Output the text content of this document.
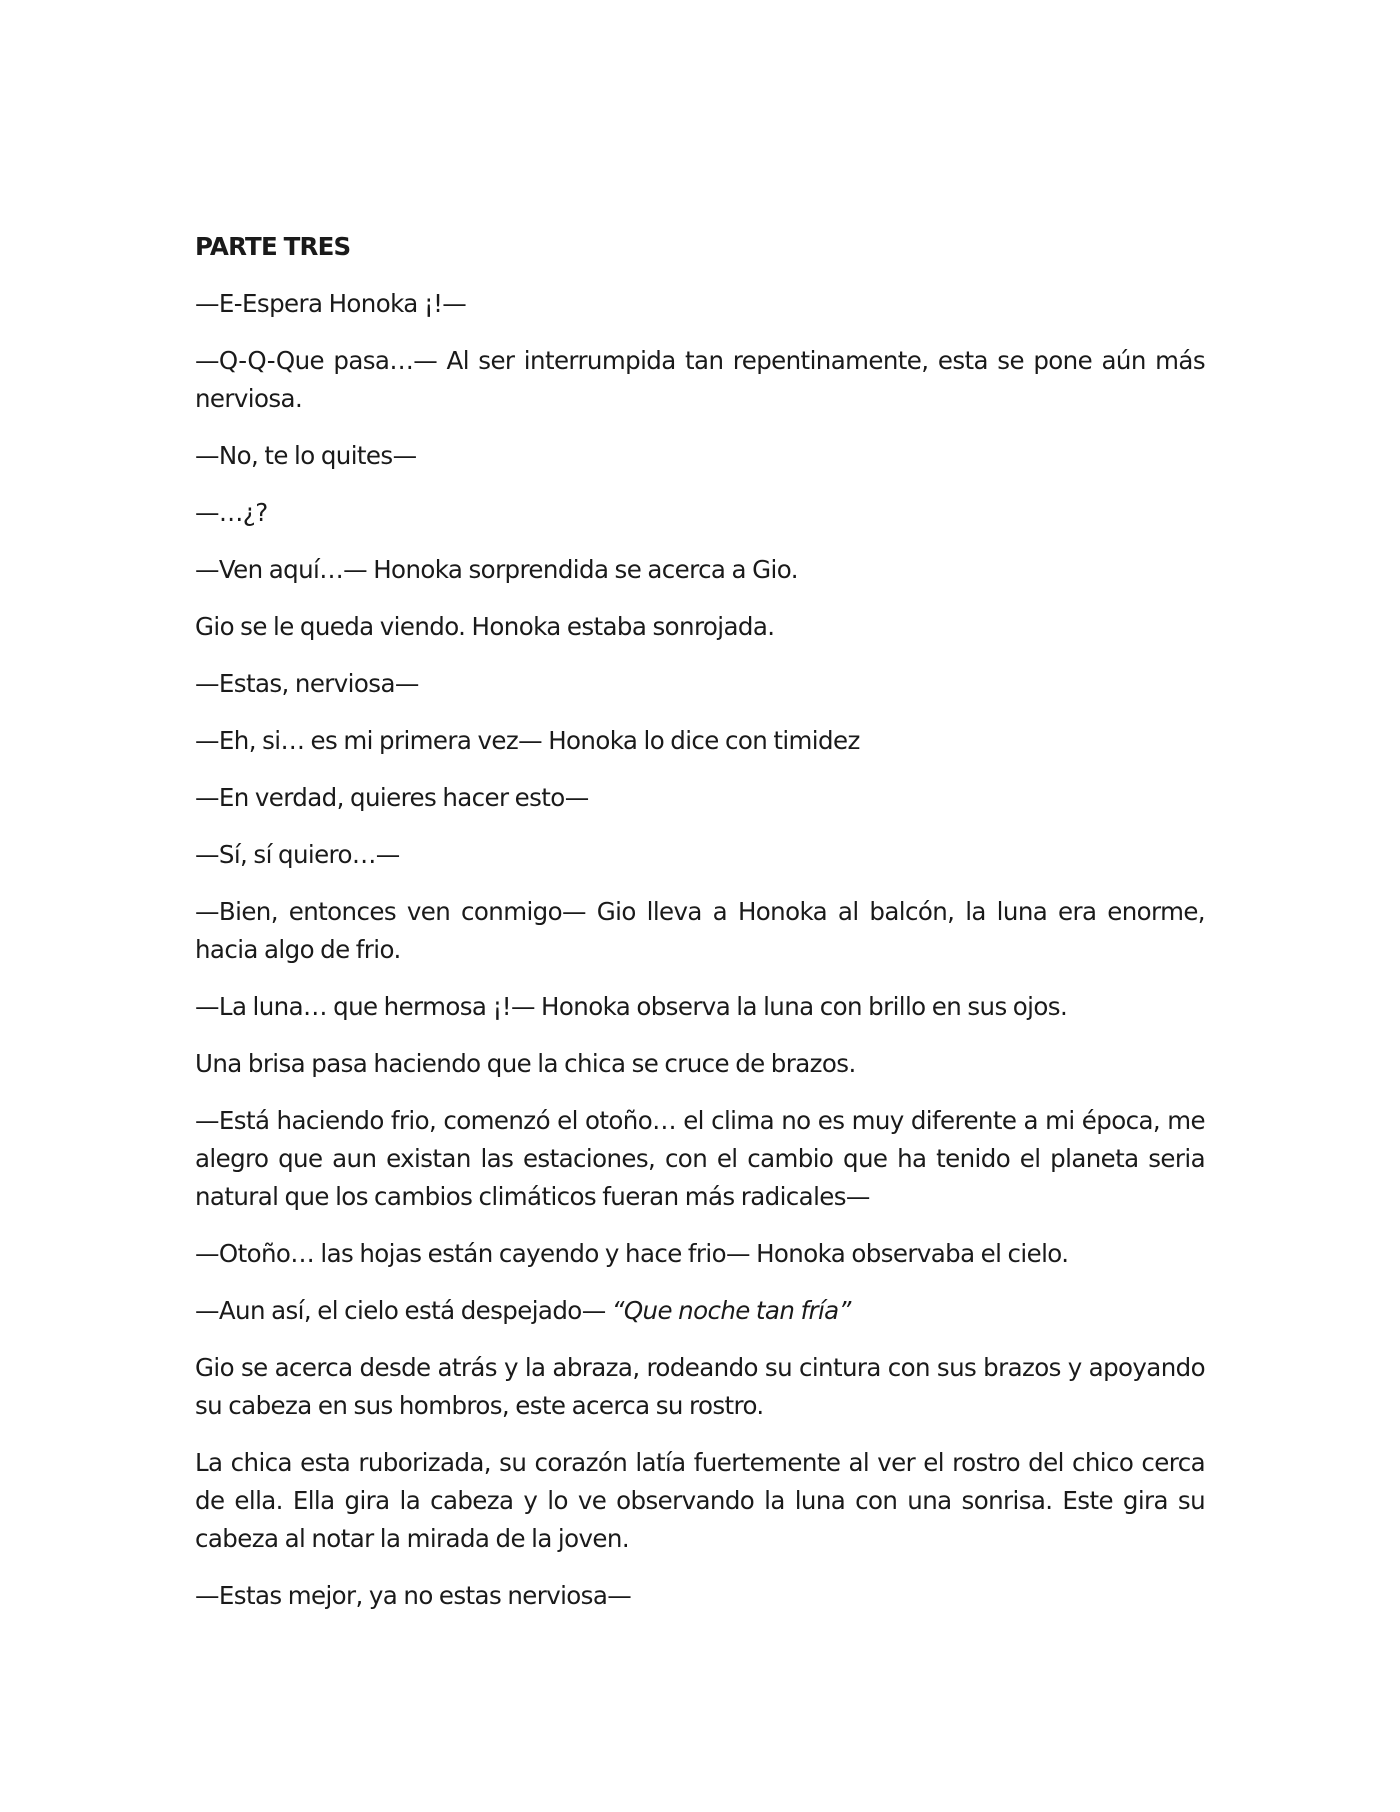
PARTE TRES
—E-Espera Honoka ¡!—
—Q-Q-Que pasa…— Al ser interrumpida tan repentinamente, esta se pone aún más nerviosa.
—No, te lo quites—
—…¿?
—Ven aquí…— Honoka sorprendida se acerca a Gio.
Gio se le queda viendo. Honoka estaba sonrojada.
—Estas, nerviosa—
—Eh, si… es mi primera vez— Honoka lo dice con timidez
—En verdad, quieres hacer esto—
—Sí, sí quiero…—
—Bien, entonces ven conmigo— Gio lleva a Honoka al balcón, la luna era enorme, hacia algo de frio.
—La luna… que hermosa ¡!— Honoka observa la luna con brillo en sus ojos.
Una brisa pasa haciendo que la chica se cruce de brazos.
—Está haciendo frio, comenzó el otoño… el clima no es muy diferente a mi época, me alegro que aun existan las estaciones, con el cambio que ha tenido el planeta seria natural que los cambios climáticos fueran más radicales—
—Otoño… las hojas están cayendo y hace frio— Honoka observaba el cielo.
—Aun así, el cielo está despejado— “Que noche tan fría”
Gio se acerca desde atrás y la abraza, rodeando su cintura con sus brazos y apoyando su cabeza en sus hombros, este acerca su rostro.
La chica esta ruborizada, su corazón latía fuertemente al ver el rostro del chico cerca de ella. Ella gira la cabeza y lo ve observando la luna con una sonrisa. Este gira su cabeza al notar la mirada de la joven.
—Estas mejor, ya no estas nerviosa—
